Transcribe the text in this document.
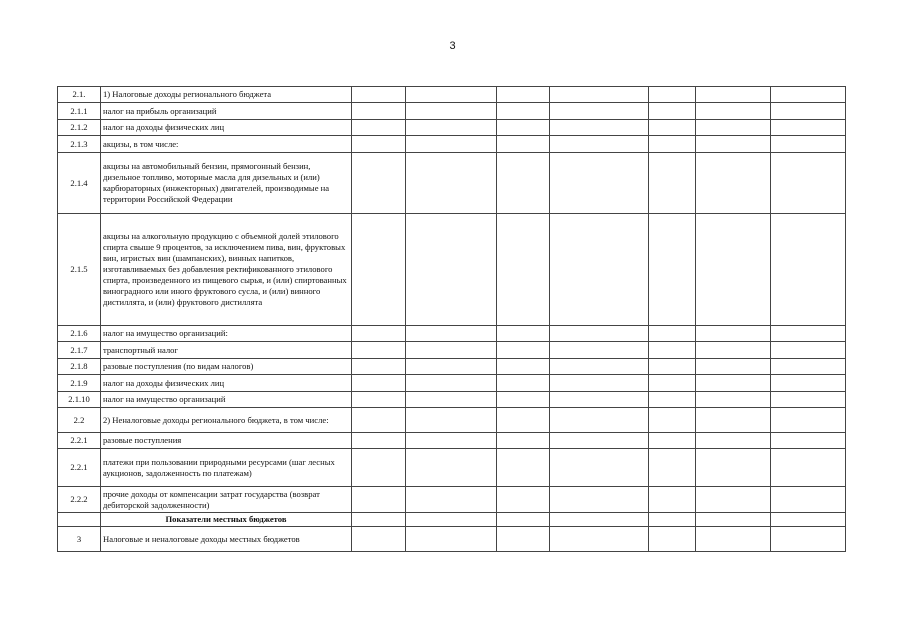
3
2.1.	1) Налоговые доходы регионального бюджета							
2.1.1	налог на прибыль организаций							
2.1.2	налог на доходы физических лиц							
2.1.3	акцизы, в том числе:							
2.1.4	акцизы на автомобильный бензин, прямогонный бензин, дизельное топливо, моторные масла для дизельных и (или) карбюраторных (инжекторных) двигателей, производимые на территории Российской Федерации							
2.1.5	акцизы на алкогольную продукцию с объемной долей этилового спирта свыше 9 процентов, за исключением пива, вин, фруктовых вин, игристых вин (шампанских), винных напитков, изготавливаемых без добавления ректификованного этилового спирта, произведенного из пищевого сырья, и (или) спиртованных виноградного или иного фруктового сусла, и (или) винного дистиллята, и (или) фруктового дистиллята							
2.1.6	налог на имущество организаций:							
2.1.7	транспортный налог							
2.1.8	разовые поступления (по видам налогов)							
2.1.9	налог на доходы физических лиц							
2.1.10	налог на имущество организаций							
2.2	2) Неналоговые доходы регионального бюджета, в том числе:							
2.2.1	разовые поступления							
2.2.1	платежи при пользовании природными ресурсами (шаг лесных аукционов, задолженность по платежам)							
2.2.2	прочие доходы от компенсации затрат государства (возврат дебиторской задолженности)							
	Показатели местных бюджетов							
3	Налоговые и неналоговые доходы местных бюджетов							
